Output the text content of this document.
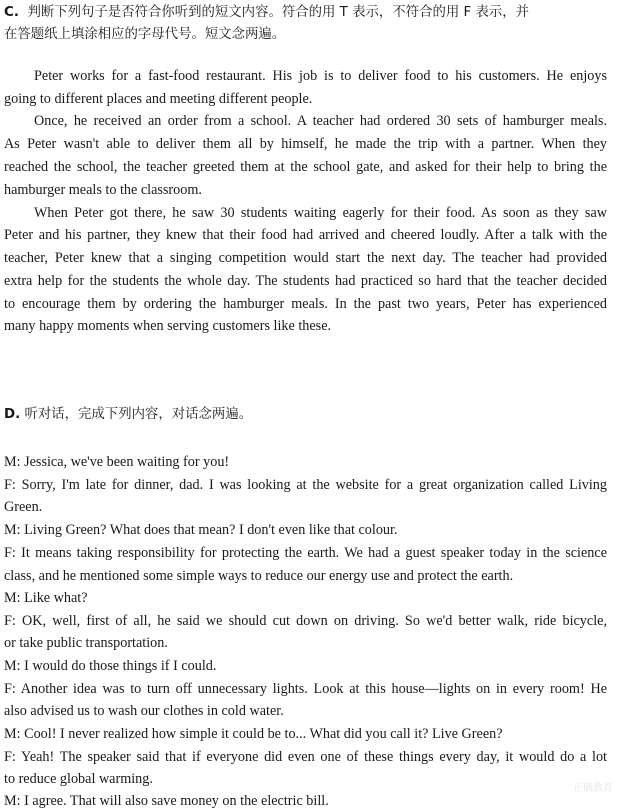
C. 判断下列句子是否符合你听到的短文内容。符合的用 T 表示，不符合的用 F 表示，并
在答题纸上填涂相应的字母代号。短文念两遍。
Peter works for a fast-food restaurant. His job is to deliver food to his customers. He enjoys
going to different places and meeting different people.
Once, he received an order from a school. A teacher had ordered 30 sets of hamburger meals.
As Peter wasn't able to deliver them all by himself, he made the trip with a partner. When they
reached the school, the teacher greeted them at the school gate, and asked for their help to bring the
hamburger meals to the classroom.
When Peter got there, he saw 30 students waiting eagerly for their food. As soon as they saw
Peter and his partner, they knew that their food had arrived and cheered loudly. After a talk with the
teacher, Peter knew that a singing competition would start the next day. The teacher had provided
extra help for the students the whole day. The students had practiced so hard that the teacher decided
to encourage them by ordering the hamburger meals. In the past two years, Peter has experienced
many happy moments when serving customers like these.
D. 听对话，完成下列内容，对话念两遍。
M: Jessica, we've been waiting for you!
F: Sorry, I'm late for dinner, dad. I was looking at the website for a great organization called Living
Green.
M: Living Green? What does that mean? I don't even like that colour.
F: It means taking responsibility for protecting the earth. We had a guest speaker today in the science
class, and he mentioned some simple ways to reduce our energy use and protect the earth.
M: Like what?
F: OK, well, first of all, he said we should cut down on driving. So we'd better walk, ride bicycle,
or take public transportation.
M: I would do those things if I could.
F: Another idea was to turn off unnecessary lights. Look at this house—lights on in every room! He
also advised us to wash our clothes in cold water.
M: Cool! I never realized how simple it could be to... What did you call it? Live Green?
F: Yeah! The speaker said that if everyone did even one of these things every day, it would do a lot
to reduce global warming.
M: I agree. That will also save money on the electric bill.
正确教育
